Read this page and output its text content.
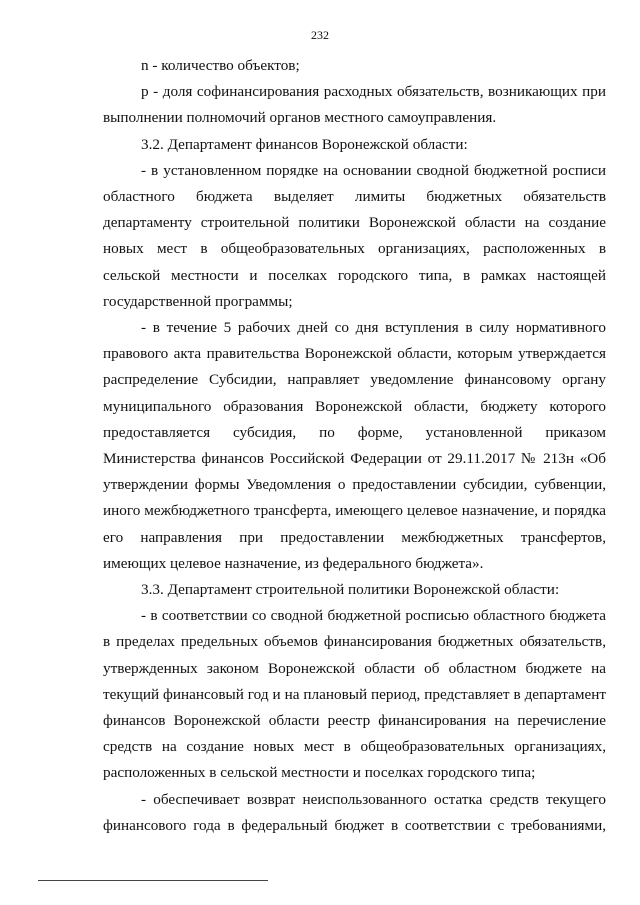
232

n - количество объектов;

p - доля софинансирования расходных обязательств, возникающих при выполнении полномочий органов местного самоуправления.

3.2. Департамент финансов Воронежской области:

- в установленном порядке на основании сводной бюджетной росписи областного бюджета выделяет лимиты бюджетных обязательств департаменту строительной политики Воронежской области на создание новых мест в общеобразовательных организациях, расположенных в сельской местности и поселках городского типа, в рамках настоящей государственной программы;

- в течение 5 рабочих дней со дня вступления в силу нормативного правового акта правительства Воронежской области, которым утверждается распределение Субсидии, направляет уведомление финансовому органу муниципального образования Воронежской области, бюджету которого предоставляется субсидия, по форме, установленной приказом Министерства финансов Российской Федерации от 29.11.2017 № 213н «Об утверждении формы Уведомления о предоставлении субсидии, субвенции, иного межбюджетного трансферта, имеющего целевое назначение, и порядка его направления при предоставлении межбюджетных трансфертов, имеющих целевое назначение, из федерального бюджета».

3.3. Департамент строительной политики Воронежской области:

- в соответствии со сводной бюджетной росписью областного бюджета в пределах предельных объемов финансирования бюджетных обязательств, утвержденных законом Воронежской области об областном бюджете на текущий финансовый год и на плановый период, представляет в департамент финансов Воронежской области реестр финансирования на перечисление средств на создание новых мест в общеобразовательных организациях, расположенных в сельской местности и поселках городского типа;

- обеспечивает возврат неиспользованного остатка средств текущего финансового года в федеральный бюджет в соответствии с требованиями,
